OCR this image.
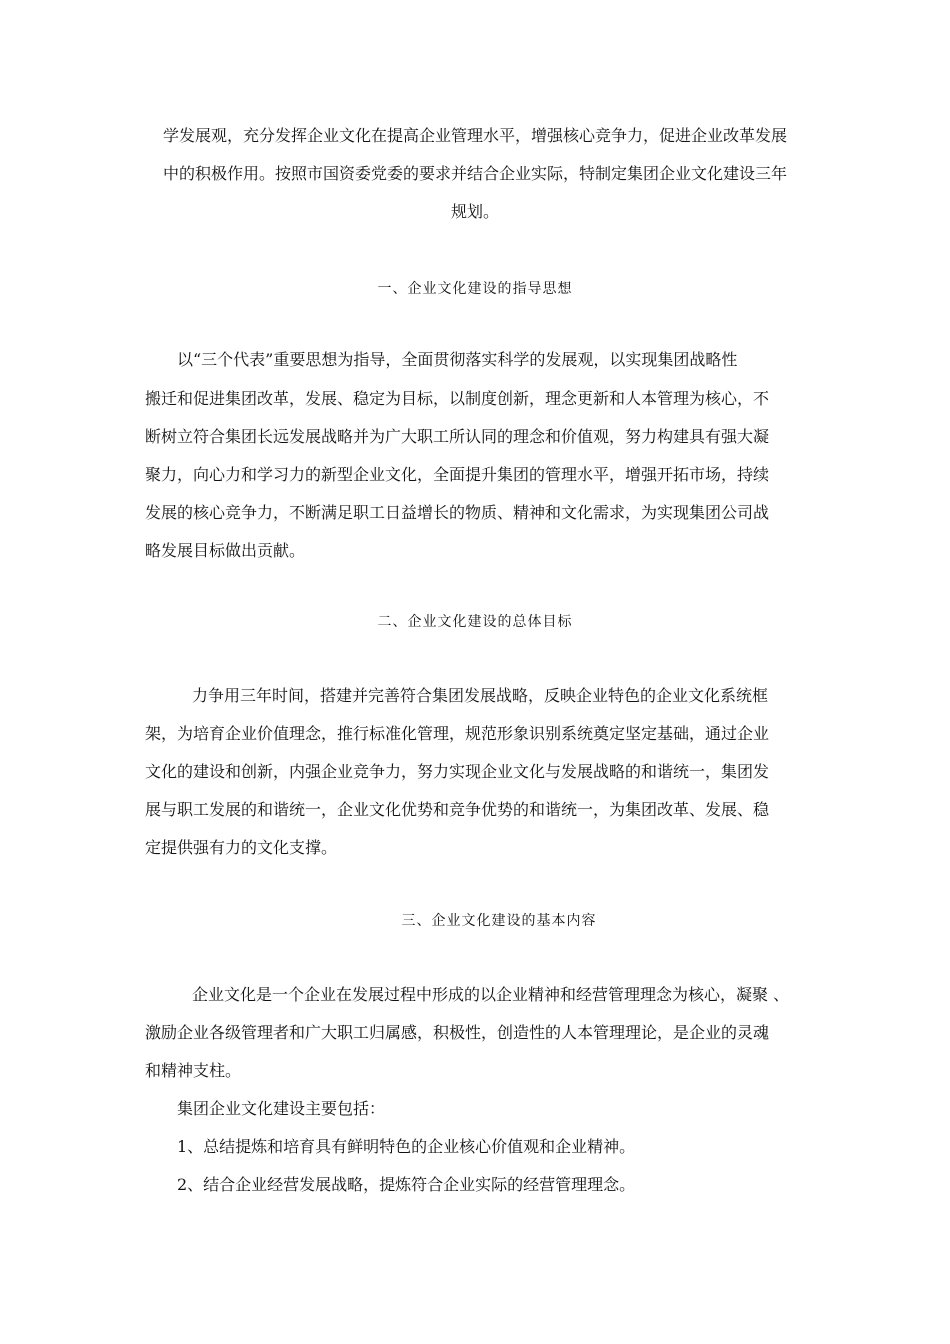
学发展观，充分发挥企业文化在提高企业管理水平，增强核心竞争力，促进企业改革发展
中的积极作用。按照市国资委党委的要求并结合企业实际，特制定集团企业文化建设三年
规划。
一、企业文化建设的指导思想
以“三个代表”重要思想为指导，全面贯彻落实科学的发展观，以实现集团战略性
搬迁和促进集团改革，发展、稳定为目标，以制度创新，理念更新和人本管理为核心，不
断树立符合集团长远发展战略并为广大职工所认同的理念和价值观，努力构建具有强大凝
聚力，向心力和学习力的新型企业文化，全面提升集团的管理水平，增强开拓市场，持续
发展的核心竞争力，不断满足职工日益增长的物质、精神和文化需求，为实现集团公司战
略发展目标做出贡献。
二、企业文化建设的总体目标
力争用三年时间，搭建并完善符合集团发展战略，反映企业特色的企业文化系统框
架，为培育企业价值理念，推行标准化管理，规范形象识别系统奠定坚定基础，通过企业
文化的建设和创新，内强企业竞争力，努力实现企业文化与发展战略的和谐统一，集团发
展与职工发展的和谐统一，企业文化优势和竞争优势的和谐统一，为集团改革、发展、稳
定提供强有力的文化支撑。
三、企业文化建设的基本内容
企业文化是一个企业在发展过程中形成的以企业精神和经营管理理念为核心，凝聚 、
激励企业各级管理者和广大职工归属感，积极性，创造性的人本管理理论，是企业的灵魂
和精神支柱。
集团企业文化建设主要包括：
1、总结提炼和培育具有鲜明特色的企业核心价值观和企业精神。
2、结合企业经营发展战略，提炼符合企业实际的经营管理理念。
